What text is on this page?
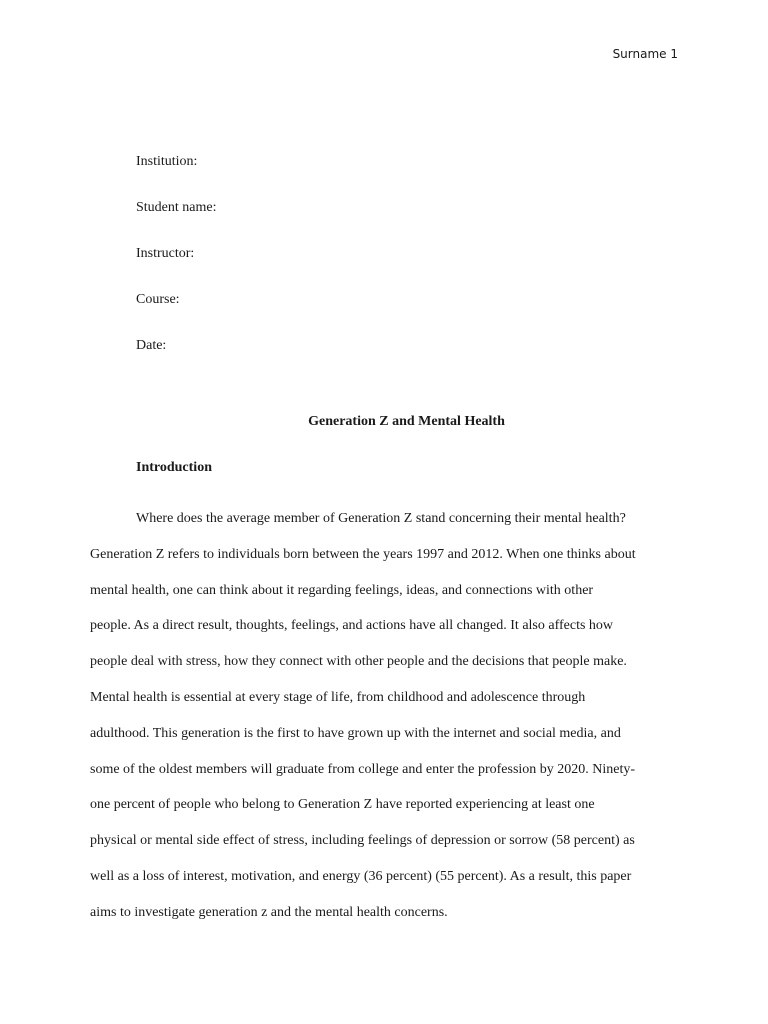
Surname 1
Institution:
Student name:
Instructor:
Course:
Date:
Generation Z and Mental Health
Introduction

Where does the average member of Generation Z stand concerning their mental health?
Generation Z refers to individuals born between the years 1997 and 2012. When one thinks about
mental health, one can think about it regarding feelings, ideas, and connections with other
people. As a direct result, thoughts, feelings, and actions have all changed. It also affects how
people deal with stress, how they connect with other people and the decisions that people make.
Mental health is essential at every stage of life, from childhood and adolescence through
adulthood. This generation is the first to have grown up with the internet and social media, and
some of the oldest members will graduate from college and enter the profession by 2020. Ninety-
one percent of people who belong to Generation Z have reported experiencing at least one
physical or mental side effect of stress, including feelings of depression or sorrow (58 percent) as
well as a loss of interest, motivation, and energy (36 percent) (55 percent). As a result, this paper
aims to investigate generation z and the mental health concerns.
